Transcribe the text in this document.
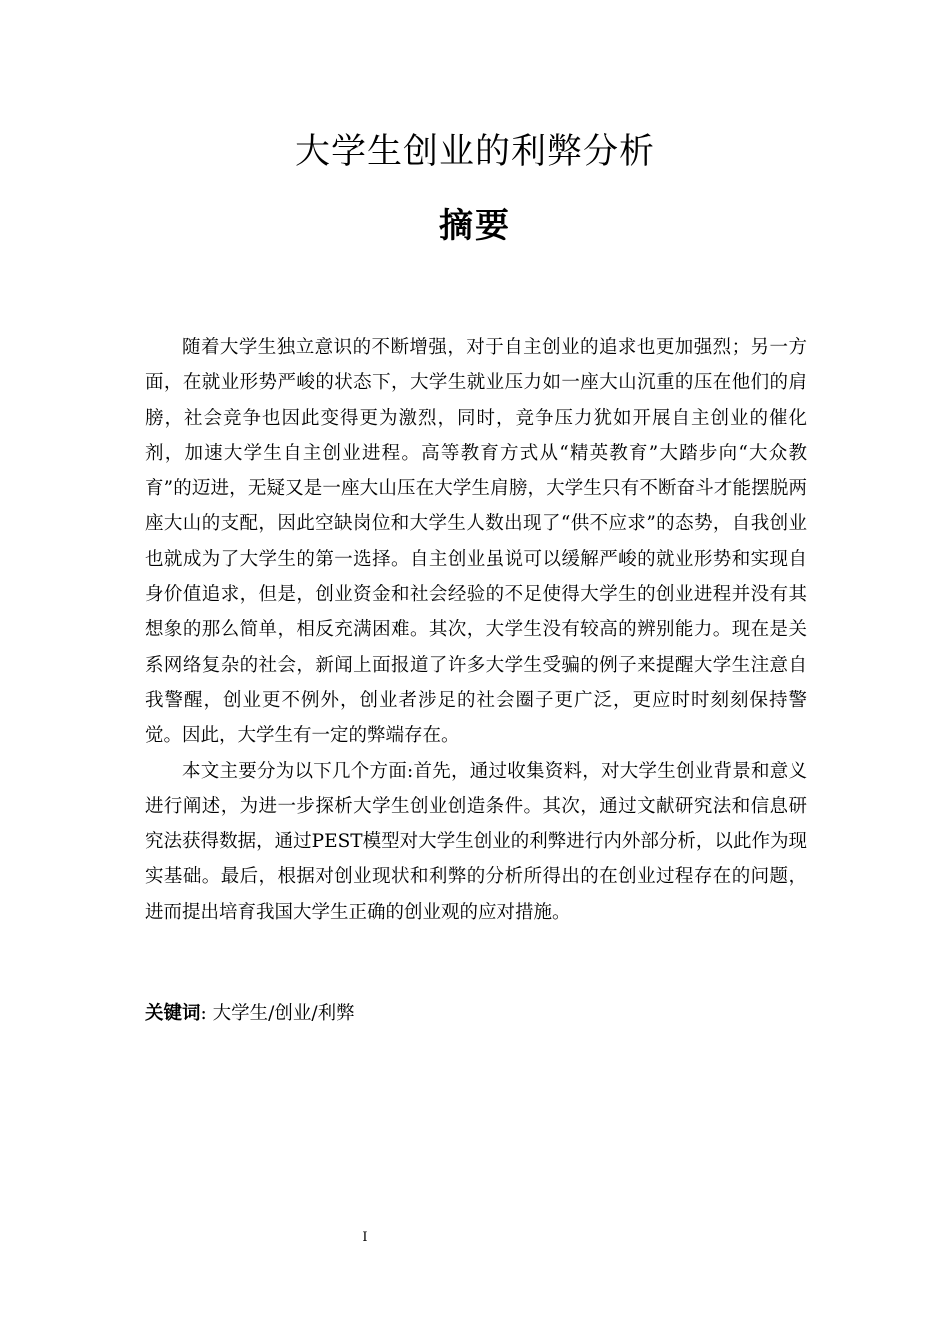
大学生创业的利弊分析
摘要

随着大学生独立意识的不断增强，对于自主创业的追求也更加强烈；另一方面，在就业形势严峻的状态下，大学生就业压力如一座大山沉重的压在他们的肩膀，社会竞争也因此变得更为激烈，同时，竞争压力犹如开展自主创业的催化剂，加速大学生自主创业进程。高等教育方式从“精英教育”大踏步向“大众教育”的迈进，无疑又是一座大山压在大学生肩膀，大学生只有不断奋斗才能摆脱两座大山的支配，因此空缺岗位和大学生人数出现了“供不应求”的态势，自我创业也就成为了大学生的第一选择。自主创业虽说可以缓解严峻的就业形势和实现自身价值追求，但是，创业资金和社会经验的不足使得大学生的创业进程并没有其想象的那么简单，相反充满困难。其次，大学生没有较高的辨别能力。现在是关系网络复杂的社会，新闻上面报道了许多大学生受骗的例子来提醒大学生注意自我警醒，创业更不例外，创业者涉足的社会圈子更广泛，更应时时刻刻保持警觉。因此，大学生有一定的弊端存在。

本文主要分为以下几个方面:首先，通过收集资料，对大学生创业背景和意义进行阐述，为进一步探析大学生创业创造条件。其次，通过文献研究法和信息研究法获得数据，通过PEST模型对大学生创业的利弊进行内外部分析，以此作为现实基础。最后，根据对创业现状和利弊的分析所得出的在创业过程存在的问题，进而提出培育我国大学生正确的创业观的应对措施。

关键词: 大学生/创业/利弊
I
